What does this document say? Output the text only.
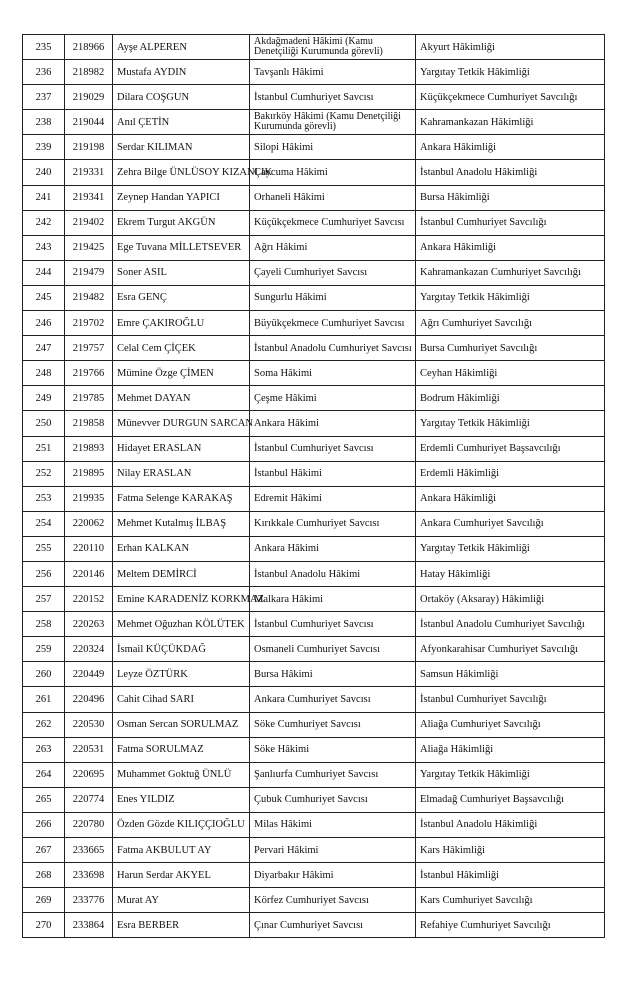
235	218966	Ayşe ALPEREN	Akdağmadeni Hâkimi (Kamu Denetçiliği Kurumunda görevli)	Akyurt Hâkimliği
236	218982	Mustafa AYDIN	Tavşanlı Hâkimi	Yargıtay Tetkik Hâkimliği
237	219029	Dilara COŞGUN	İstanbul Cumhuriyet Savcısı	Küçükçekmece Cumhuriyet Savcılığı
238	219044	Anıl ÇETİN	Bakırköy Hâkimi (Kamu Denetçiliği Kurumunda görevli)	Kahramankazan Hâkimliği
239	219198	Serdar KILIMAN	Silopi Hâkimi	Ankara Hâkimliği
240	219331	Zehra Bilge ÜNLÜSOY KIZANLIK	Çaycuma Hâkimi	İstanbul Anadolu Hâkimliği
241	219341	Zeynep Handan YAPICI	Orhaneli Hâkimi	Bursa Hâkimliği
242	219402	Ekrem Turgut AKGÜN	Küçükçekmece Cumhuriyet Savcısı	İstanbul Cumhuriyet Savcılığı
243	219425	Ege Tuvana MİLLETSEVER	Ağrı Hâkimi	Ankara Hâkimliği
244	219479	Soner ASIL	Çayeli Cumhuriyet Savcısı	Kahramankazan Cumhuriyet Savcılığı
245	219482	Esra GENÇ	Sungurlu Hâkimi	Yargıtay Tetkik Hâkimliği
246	219702	Emre ÇAKIROĞLU	Büyükçekmece Cumhuriyet Savcısı	Ağrı Cumhuriyet Savcılığı
247	219757	Celal Cem ÇİÇEK	İstanbul Anadolu Cumhuriyet Savcısı	Bursa Cumhuriyet Savcılığı
248	219766	Mümine Özge ÇİMEN	Soma Hâkimi	Ceyhan Hâkimliği
249	219785	Mehmet DAYAN	Çeşme Hâkimi	Bodrum Hâkimliği
250	219858	Münevver DURGUN SARCAN	Ankara Hâkimi	Yargıtay Tetkik Hâkimliği
251	219893	Hidayet ERASLAN	İstanbul Cumhuriyet Savcısı	Erdemli Cumhuriyet Başsavcılığı
252	219895	Nilay ERASLAN	İstanbul Hâkimi	Erdemli Hâkimliği
253	219935	Fatma Selenge KARAKAŞ	Edremit Hâkimi	Ankara Hâkimliği
254	220062	Mehmet Kutalmış İLBAŞ	Kırıkkale Cumhuriyet Savcısı	Ankara Cumhuriyet Savcılığı
255	220110	Erhan KALKAN	Ankara Hâkimi	Yargıtay Tetkik Hâkimliği
256	220146	Meltem DEMİRCİ	İstanbul Anadolu Hâkimi	Hatay Hâkimliği
257	220152	Emine KARADENİZ KORKMAZ	Malkara Hâkimi	Ortaköy (Aksaray) Hâkimliği
258	220263	Mehmet Oğuzhan KÖLÜTEK	İstanbul Cumhuriyet Savcısı	İstanbul Anadolu Cumhuriyet Savcılığı
259	220324	İsmail KÜÇÜKDAĞ	Osmaneli Cumhuriyet Savcısı	Afyonkarahisar Cumhuriyet Savcılığı
260	220449	Leyze ÖZTÜRK	Bursa Hâkimi	Samsun Hâkimliği
261	220496	Cahit Cihad SARI	Ankara Cumhuriyet Savcısı	İstanbul Cumhuriyet Savcılığı
262	220530	Osman Sercan SORULMAZ	Söke Cumhuriyet Savcısı	Aliağa Cumhuriyet Savcılığı
263	220531	Fatma SORULMAZ	Söke Hâkimi	Aliağa Hâkimliği
264	220695	Muhammet Goktuğ ÜNLÜ	Şanlıurfa Cumhuriyet Savcısı	Yargıtay Tetkik Hâkimliği
265	220774	Enes YILDIZ	Çubuk Cumhuriyet Savcısı	Elmadağ Cumhuriyet Başsavcılığı
266	220780	Özden Gözde KILIÇÇIOĞLU	Milas Hâkimi	İstanbul Anadolu Hâkimliği
267	233665	Fatma AKBULUT AY	Pervari Hâkimi	Kars Hâkimliği
268	233698	Harun Serdar AKYEL	Diyarbakır Hâkimi	İstanbul Hâkimliği
269	233776	Murat AY	Körfez Cumhuriyet Savcısı	Kars Cumhuriyet Savcılığı
270	233864	Esra BERBER	Çınar Cumhuriyet Savcısı	Refahiye Cumhuriyet Savcılığı
